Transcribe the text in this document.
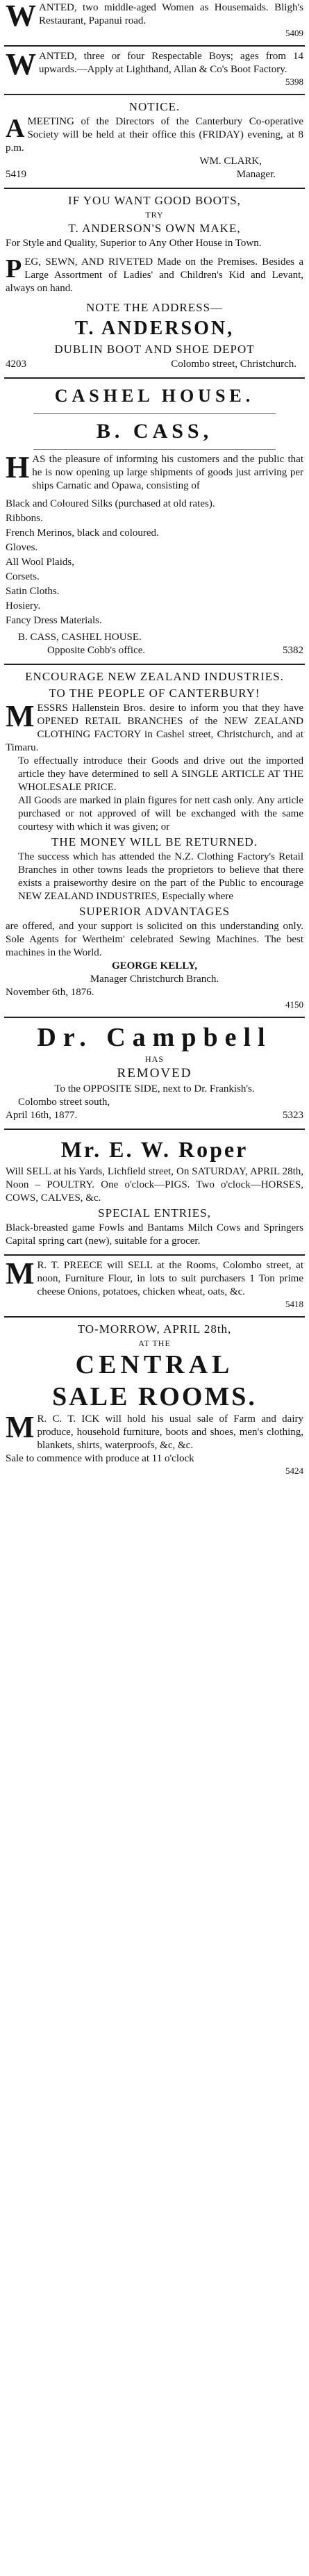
W ANTED, two middle-aged Women as Housemaids. Bligh's Restaurant, Papanui road.

5409
W ANTED, three or four Respectable Boys; ages from 14 upwards.—Apply at Lighthand, Allan & Co's Boot Factory.

5398
NOTICE.
A MEETING of the Directors of the Canterbury Co-operative Society will be held at their office this (FRIDAY) evening, at 8 p.m.

WM. CLARK,
5419	Manager.
IF YOU WANT GOOD BOOTS,
TRY
T. ANDERSON'S OWN MAKE,

For Style and Quality, Superior to Any Other House in Town.

P EG, SEWN, AND RIVETED Made on the Premises. Besides a Large Assortment of Ladies' and Children's Kid and Levant, always on hand.

NOTE THE ADDRESS—
T. ANDERSON,
DUBLIN BOOT AND SHOE DEPOT
4203	Colombo street, Christchurch.
CASHEL HOUSE.
B. CASS,
H AS the pleasure of informing his customers and the public that he is now opening up large shipments of goods just arriving per ships Carnatic and Opawa, consisting of

Black and Coloured Silks (purchased at old rates).
Ribbons.
French Merinos, black and coloured.
Gloves.
All Wool Plaids,
Corsets.
Satin Cloths.
Hosiery.
Fancy Dress Materials.
B. CASS, CASHEL HOUSE.
Opposite Cobb's office.	5382
ENCOURAGE NEW ZEALAND INDUSTRIES.
TO THE PEOPLE OF CANTERBURY!
M ESSRS Hallenstein Bros. desire to inform you that they have OPENED RETAIL BRANCHES of the NEW ZEALAND CLOTHING FACTORY in Cashel street, Christchurch, and at Timaru.

To effectually introduce their Goods and drive out the imported article they have determined to sell A SINGLE ARTICLE AT THE WHOLESALE PRICE.

All Goods are marked in plain figures for nett cash only. Any article purchased or not approved of will be exchanged with the same courtesy with which it was given; or

THE MONEY WILL BE RETURNED.

The success which has attended the N.Z. Clothing Factory's Retail Branches in other towns leads the proprietors to believe that there exists a praiseworthy desire on the part of the Public to encourage NEW ZEALAND INDUSTRIES, Especially where

SUPERIOR ADVANTAGES

are offered, and your support is solicited on this understanding only. Sole Agents for Wertheim' celebrated Sewing Machines. The best machines in the World.

GEORGE KELLY,
Manager Christchurch Branch.
November 6th, 1876.
4150
Dr. Campbell
HAS
REMOVED

To the OPPOSITE SIDE, next to Dr. Frankish's.

Colombo street south,
April 16th, 1877.	5323
Mr. E. W. Roper

Will SELL at his Yards, Lichfield street, On SATURDAY, APRIL 28th, Noon – POULTRY. One o'clock—PIGS. Two o'clock—HORSES, COWS, CALVES, &c.

SPECIAL ENTRIES,

Black-breasted game Fowls and Bantams Milch Cows and Springers Capital spring cart (new), suitable for a grocer.

M R. T. PREECE will SELL at the Rooms, Colombo street, at noon, Furniture Flour, in lots to suit purchasers 1 Ton prime cheese Onions, potatoes, chicken wheat, oats, &c.

5418
TO-MORROW, APRIL 28th,
AT THE
CENTRAL
SALE ROOMS.
M R. C. T. ICK will hold his usual sale of Farm and dairy produce, household furniture, boots and shoes, men's clothing, blankets, shirts, waterproofs, &c, &c.

Sale to commence with produce at 11 o'clock

5424
